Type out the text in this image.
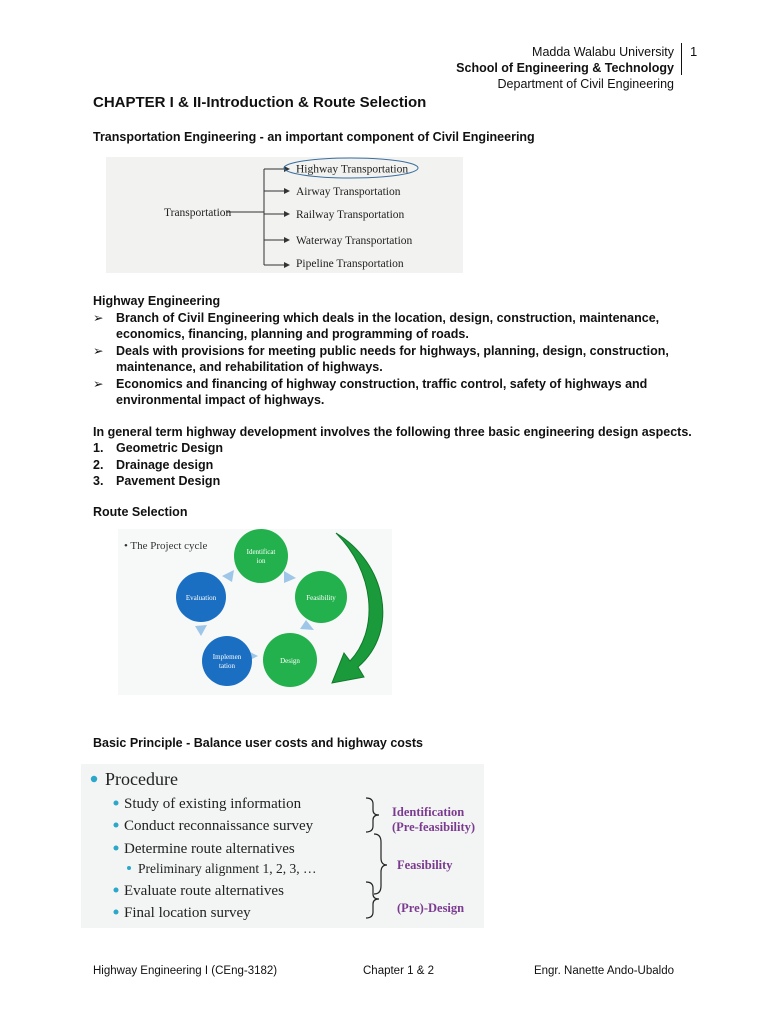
Madda Walabu University
School of Engineering & Technology
Department of Civil Engineering
1
CHAPTER I & II-Introduction & Route Selection
Transportation Engineering - an important component of Civil Engineering
Transportation
Highway Transportation
Airway Transportation
Railway Transportation
Waterway Transportation
Pipeline Transportation
Highway Engineering
➢ Branch of Civil Engineering which deals in the location, design, construction, maintenance, economics, financing, planning and programming of roads.
➢ Deals with provisions for meeting public needs for highways, planning, design, construction, maintenance, and rehabilitation of highways.
➢ Economics and financing of highway construction, traffic control, safety of highways and environmental impact of highways.
In general term highway development involves the following three basic engineering design aspects.
1. Geometric Design
2. Drainage design
3. Pavement Design
Route Selection
• The Project cycle	Identificat
ion
Feasibility
Design
Implemen
tation
Evaluation
Basic Principle - Balance user costs and highway costs
Procedure
Study of existing information
Conduct reconnaissance survey
Determine route alternatives
Preliminary alignment 1, 2, 3, …
Evaluate route alternatives
Final location survey
Identification
(Pre-feasibility)
Feasibility
(Pre)-Design
Highway Engineering I (CEng-3182)	Chapter 1 & 2	Engr. Nanette Ando-Ubaldo
